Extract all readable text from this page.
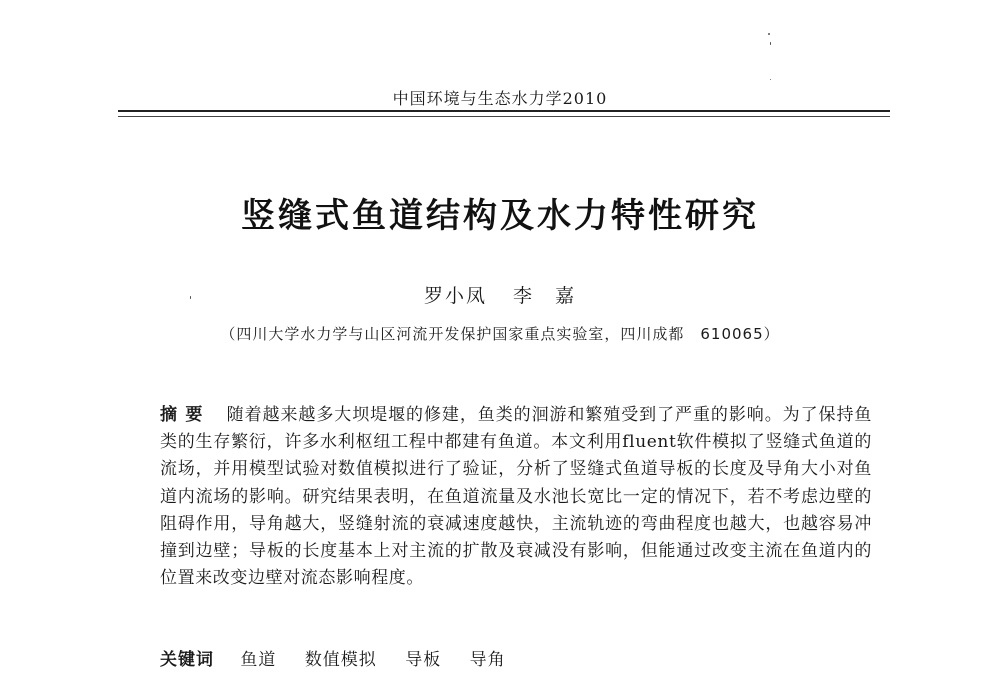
中国环境与生态水力学2010
竖缝式鱼道结构及水力特性研究
罗小凤 李　嘉
（四川大学水力学与山区河流开发保护国家重点实验室，四川成都　610065）

摘要 随着越来越多大坝堤堰的修建，鱼类的洄游和繁殖受到了严重的影响。为了保持鱼类的生存繁衍，许多水利枢纽工程中都建有鱼道。本文利用fluent软件模拟了竖缝式鱼道的流场，并用模型试验对数值模拟进行了验证，分析了竖缝式鱼道导板的长度及导角大小对鱼道内流场的影响。研究结果表明，在鱼道流量及水池长宽比一定的情况下，若不考虑边壁的阻碍作用，导角越大，竖缝射流的衰减速度越快，主流轨迹的弯曲程度也越大，也越容易冲撞到边壁；导板的长度基本上对主流的扩散及衰减没有影响，但能通过改变主流在鱼道内的位置来改变边壁对流态影响程度。

关键词 鱼道 数值模拟 导板 导角
